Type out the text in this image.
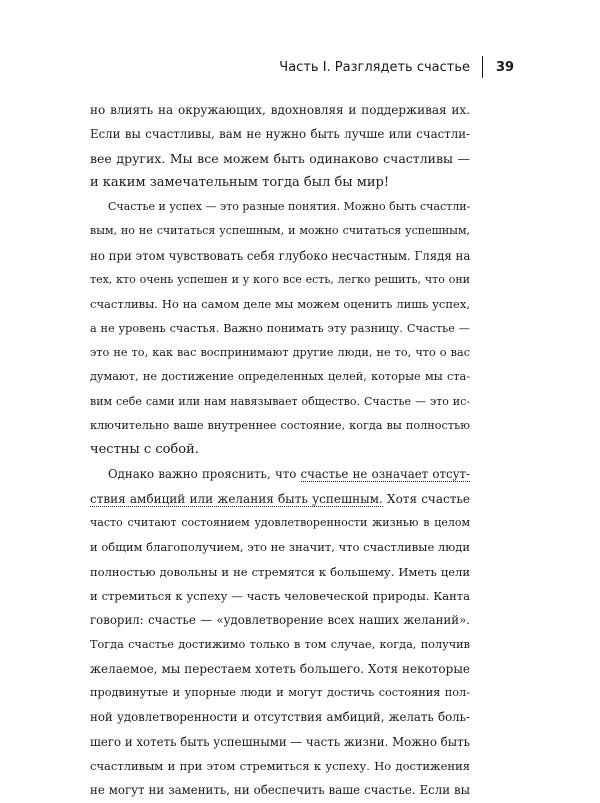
Часть I. Разглядеть счастье 39
но влиять на окружающих, вдохновляя и поддерживая их.
Если вы счастливы, вам не нужно быть лучше или счастли-
вее других. Мы все можем быть одинаково счастливы —
и каким замечательным тогда был бы мир!
Счастье и успех — это разные понятия. Можно быть счастли-
вым, но не считаться успешным, и можно считаться успешным,
но при этом чувствовать себя глубоко несчастным. Глядя на
тех, кто очень успешен и у кого все есть, легко решить, что они
счастливы. Но на самом деле мы можем оценить лишь успех,
а не уровень счастья. Важно понимать эту разницу. Счастье —
это не то, как вас воспринимают другие люди, не то, что о вас
думают, не достижение определенных целей, которые мы ста-
вим себе сами или нам навязывает общество. Счастье — это ис-
ключительно ваше внутреннее состояние, когда вы полностью
честны с собой.
Однако важно прояснить, что счастье не означает отсут-
ствия амбиций или желания быть успешным. Хотя счастье
часто считают состоянием удовлетворенности жизнью в целом
и общим благополучием, это не значит, что счастливые люди
полностью довольны и не стремятся к большему. Иметь цели
и стремиться к успеху — часть человеческой природы. Канта
говорил: счастье — «удовлетворение всех наших желаний».
Тогда счастье достижимо только в том случае, когда, получив
желаемое, мы перестаем хотеть большего. Хотя некоторые
продвинутые и упорные люди и могут достичь состояния пол-
ной удовлетворенности и отсутствия амбиций, желать боль-
шего и хотеть быть успешными — часть жизни. Можно быть
счастливым и при этом стремиться к успеху. Но достижения
не могут ни заменить, ни обеспечить ваше счастье. Если вы
